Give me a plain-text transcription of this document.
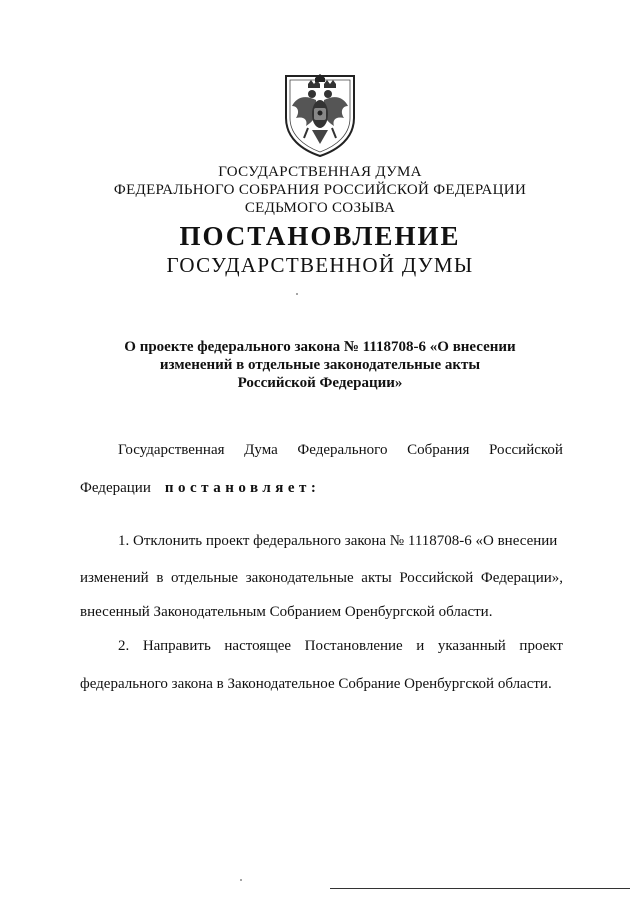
ГОСУДАРСТВЕННАЯ ДУМА
ФЕДЕРАЛЬНОГО СОБРАНИЯ РОССИЙСКОЙ ФЕДЕРАЦИИ
СЕДЬМОГО СОЗЫВА
ПОСТАНОВЛЕНИЕ
ГОСУДАРСТВЕННОЙ ДУМЫ
О проекте федерального закона № 1118708-6 «О внесении
изменений в отдельные законодательные акты
Российской Федерации»
Государственная Дума Федерального Собрания Российской
Федерации постановляет:
1. Отклонить проект федерального закона № 1118708-6 «О внесении
изменений в отдельные законодательные акты Российской Федерации»,
внесенный Законодательным Собранием Оренбургской области.
2. Направить настоящее Постановление и указанный проект
федерального закона в Законодательное Собрание Оренбургской области.
